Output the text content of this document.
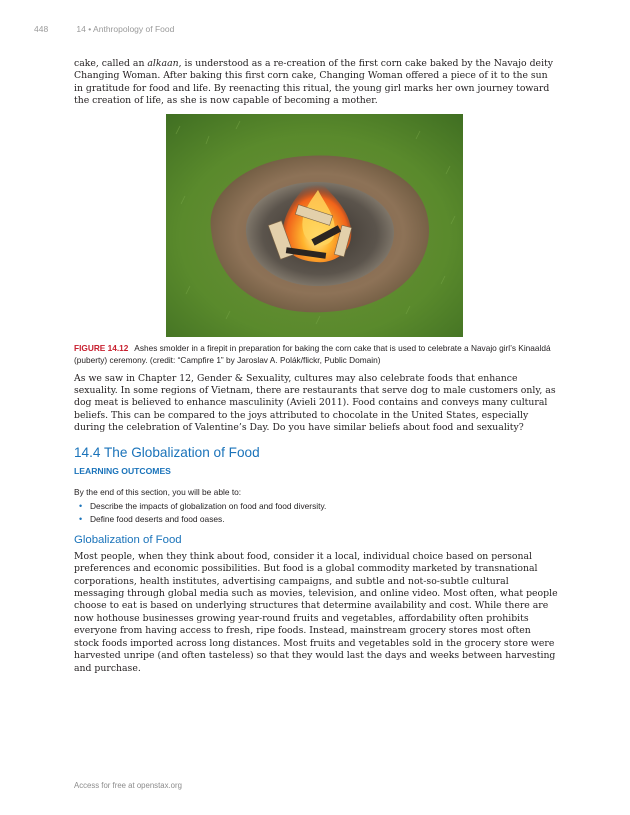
448	14 • Anthropology of Food

cake, called an alkaan, is understood as a re-creation of the first corn cake baked by the Navajo deity Changing Woman. After baking this first corn cake, Changing Woman offered a piece of it to the sun in gratitude for food and life. By reenacting this ritual, the young girl marks her own journey toward the creation of life, as she is now capable of becoming a mother.

FIGURE 14.12 Ashes smolder in a firepit in preparation for baking the corn cake that is used to celebrate a Navajo girl’s Kinaaldá (puberty) ceremony. (credit: “Campfire 1” by Jaroslav A. Polák/flickr, Public Domain)

As we saw in Chapter 12, Gender & Sexuality, cultures may also celebrate foods that enhance sexuality. In some regions of Vietnam, there are restaurants that serve dog to male customers only, as dog meat is believed to enhance masculinity (Avieli 2011). Food contains and conveys many cultural beliefs. This can be compared to the joys attributed to chocolate in the United States, especially during the celebration of Valentine’s Day. Do you have similar beliefs about food and sexuality?

14.4 The Globalization of Food
LEARNING OUTCOMES
By the end of this section, you will be able to:
• Describe the impacts of globalization on food and food diversity.
• Define food deserts and food oases.
Globalization of Food

Most people, when they think about food, consider it a local, individual choice based on personal preferences and economic possibilities. But food is a global commodity marketed by transnational corporations, health institutes, advertising campaigns, and subtle and not-so-subtle cultural messaging through global media such as movies, television, and online video. Most often, what people choose to eat is based on underlying structures that determine availability and cost. While there are now hothouse businesses growing year-round fruits and vegetables, affordability often prohibits everyone from having access to fresh, ripe foods. Instead, mainstream grocery stores most often stock foods imported across long distances. Most fruits and vegetables sold in the grocery store were harvested unripe (and often tasteless) so that they would last the days and weeks between harvesting and purchase.

Access for free at openstax.org
